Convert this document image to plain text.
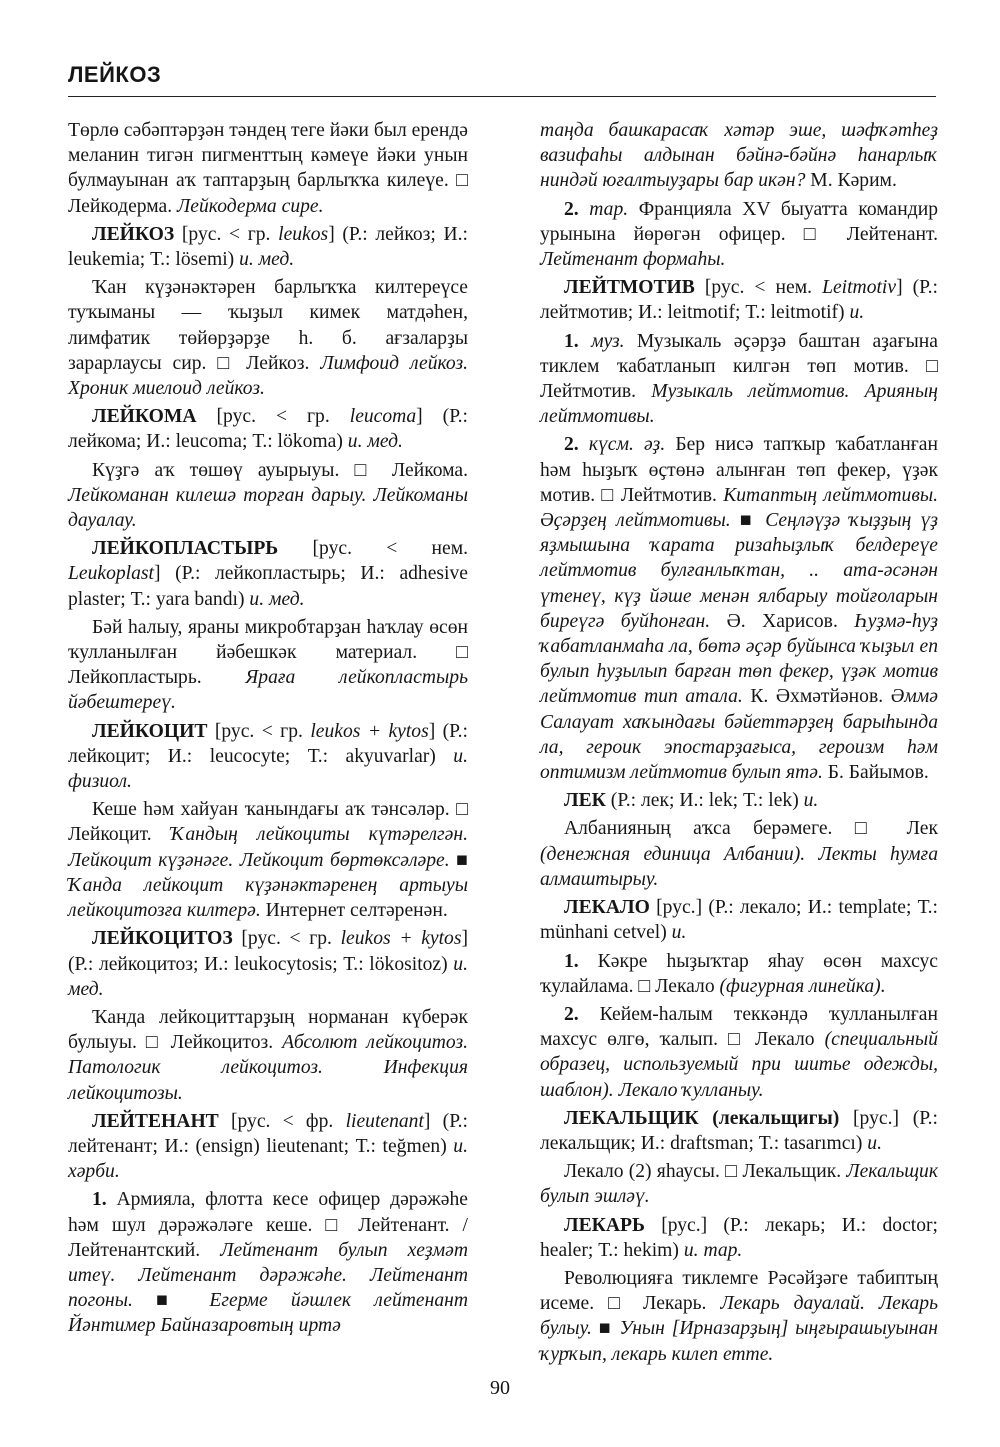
ЛЕЙКОЗ

Төрлө сәбәптәрҙән тәндең теге йәки был ерендә меланин тигән пигменттың кәмеүе йәки унын булмауынан аҡ таптарҙың барлыҡҡа килеүе. □ Лейкодерма. Лейкодерма сире.

ЛЕЙКОЗ [рус. < гр. leukos] (Р.: лейкоз; И.: leukemia; Т.: lösemi) и. мед.

Ҡан күҙәнәктәрен барлыҡҡа килтереүсе туҡыманы — ҡыҙыл кимек матдәһен, лимфатик төйөрҙәрҙе һ. б. ағзаларҙы зарарлаусы сир. □ Лейкоз. Лимфоид лейкоз. Хроник миелоид лейкоз.

ЛЕЙКОМА [рус. < гр. leucoma] (Р.: лейкома; И.: leucoma; Т.: lökoma) и. мед.

Күҙгә аҡ төшөү ауырыуы. □ Лейкома. Лейкоманан килешә торған дарыу. Лейкоманы дауалау.

ЛЕЙКОПЛАСТЫРЬ [рус. < нем. Leukoplast] (Р.: лейкопластырь; И.: adhesive plaster; Т.: yara bandı) и. мед.

Бәй һалыу, яраны микробтарҙан һаҡлау өсөн ҡулланылған йәбешкәк материал. □ Лейкопластырь. Яраға лейкопластырь йәбештереү.

ЛЕЙКОЦИТ [рус. < гр. leukos + kytos] (Р.: лейкоцит; И.: leucocyte; Т.: akyuvarlar) и. физиол.

Кеше һәм хайуан ҡанындағы аҡ тәнсәләр. □ Лейкоцит. Ҡандың лейкоциты күтәрелгән. Лейкоцит күҙәнәге. Лейкоцит бөртөксәләре. ■ Ҡанда лейкоцит күҙәнәктәренең артыуы лейкоцитозға килтерә. Интернет селтәренән.

ЛЕЙКОЦИТОЗ [рус. < гр. leukos + kytos] (Р.: лейкоцитоз; И.: leukocytosis; Т.: lökositoz) и. мед.

Ҡанда лейкоциттарҙың норманан күберәк булыуы. □ Лейкоцитоз. Абсолют лейкоцитоз. Патологик лейкоцитоз. Инфекция лейкоцитозы.

ЛЕЙТЕНАНТ [рус. < фр. lieutenant] (Р.: лейтенант; И.: (ensign) lieutenant; Т.: teğmen) и. хәрби.

1. Армияла, флотта кесе офицер дәрәжәһе һәм шул дәрәжәләге кеше. □ Лейтенант. / Лейтенантский. Лейтенант булып хеҙмәт итеү. Лейтенант дәрәжәһе. Лейтенант погоны. ■ Егерме йәшлек лейтенант Йәнтимер Байназаровтың иртә

таңда башкарасаҡ хәтәр эше, шәфҡәтһеҙ вазифаһы алдынан бәйнә-бәйнә һанарлыҡ ниндәй юғалтыуҙары бар икән? М. Кәрим.

2. тар. Францияла XV быуатта командир урынына йөрөгән офицер. □ Лейтенант. Лейтенант формаһы.

ЛЕЙТМОТИВ [рус. < нем. Leitmotiv] (Р.: лейтмотив; И.: leitmotif; Т.: leitmotif) и.

1. муз. Музыкаль әҫәрҙә баштан аҙағына тиклем ҡабатланып килгән төп мотив. □ Лейтмотив. Музыкаль лейтмотив. Арияның лейтмотивы.

2. күсм. әҙ. Бер нисә тапҡыр ҡабатланған һәм һыҙыҡ өҫтөнә алынған төп фекер, үҙәк мотив. □ Лейтмотив. Китаптың лейтмотивы. Әҫәрҙең лейтмотивы. ■ Сеңләүҙә ҡыҙҙың үҙ яҙмышына ҡарата ризаһыҙлыҡ белдереүе лейтмотив булғанлыҡтан, .. ата-әсәнән үтенеү, күҙ йәше менән ялбарыу тойғоларын биреүгә буйһонған. Ә. Харисов. Һуҙмә-һуҙ ҡабатланмаһа ла, бөтә әҫәр буйынса ҡыҙыл еп булып һуҙылып барған төп фекер, үҙәк мотив лейтмотив тип атала. К. Әхмәтйәнов. Әммә Салауат хаҡындағы бәйеттәрҙең барыһында ла, героик эпостарҙағыса, героизм һәм оптимизм лейтмотив булып ятә. Б. Байымов.

ЛЕК (Р.: лек; И.: lek; Т.: lek) и.

Албанияның аҡса берәмеге. □ Лек (денежная единица Албании). Лекты һумға алмаштырыу.

ЛЕКАЛО [рус.] (Р.: лекало; И.: template; Т.: münhani cetvel) и.

1. Кәкре һыҙыҡтар яһау өсөн махсус ҡулайлама. □ Лекало (фигурная линейка).

2. Кейем-һалым теккәндә ҡулланылған махсус өлгө, ҡалып. □ Лекало (специальный образец, используемый при шитье одежды, шаблон). Лекало ҡулланыу.

ЛЕКАЛЬЩИК (лекальщигы) [рус.] (Р.: лекальщик; И.: draftsman; Т.: tasarımcı) и.

Лекало (2) яһаусы. □ Лекальщик. Лекальщик булып эшләү.

ЛЕКАРЬ [рус.] (Р.: лекарь; И.: doctor; healer; Т.: hekim) и. тар.

Революцияға тиклемге Рәсәйҙәге табиптың исеме. □ Лекарь. Лекарь дауалай. Лекарь булыу. ■ Унын [Ирназарҙың] ыңғырашыуынан ҡурҡып, лекарь килеп етте.

90
